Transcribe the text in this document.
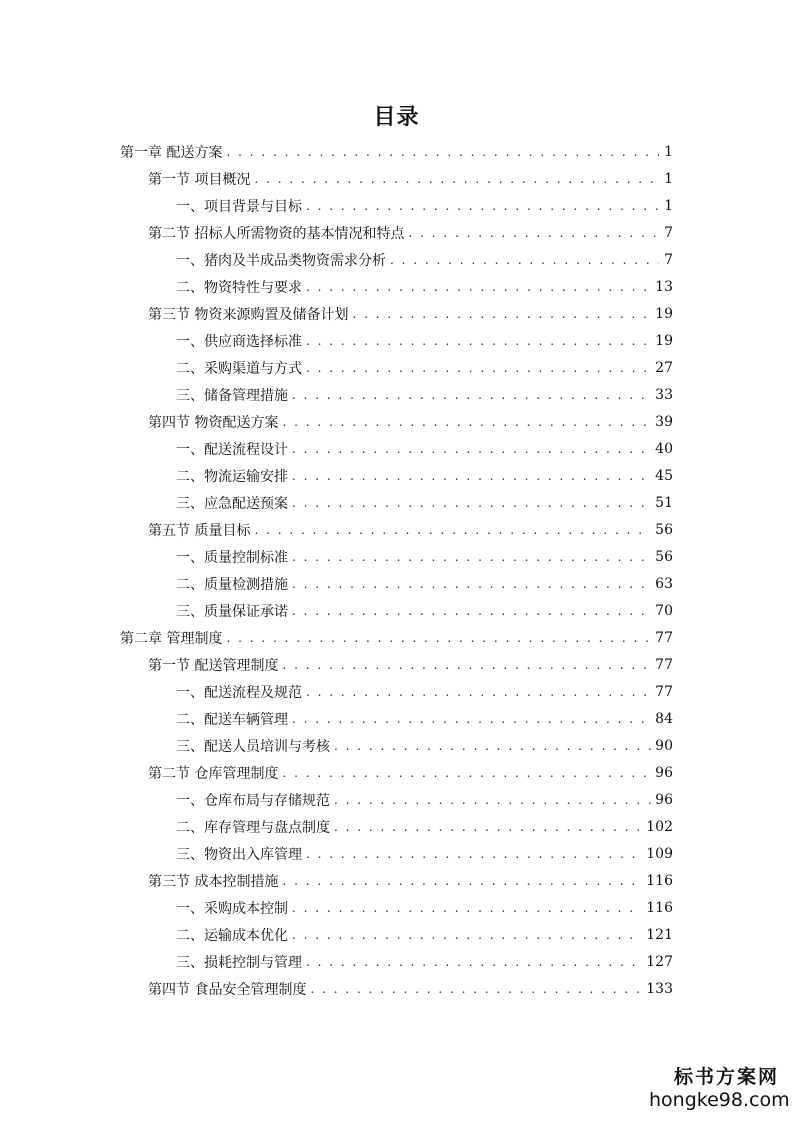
目录
第一章 配送方案 . . .	1
第一节 项目概况 . . .	1
一、项目背景与目标 . . .	1
第二节 招标人所需物资的基本情况和特点 . . .	7
一、猪肉及半成品类物资需求分析 . . .	7
二、物资特性与要求 . . .	13
第三节 物资来源购置及储备计划 . . .	19
一、供应商选择标准 . . .	19
二、采购渠道与方式 . . .	27
三、储备管理措施 . . .	33
第四节 物资配送方案 . . .	39
一、配送流程设计 . . .	40
二、物流运输安排 . . .	45
三、应急配送预案 . . .	51
第五节 质量目标 . . .	56
一、质量控制标准 . . .	56
二、质量检测措施 . . .	63
三、质量保证承诺 . . .	70
第二章 管理制度 . . .	77
第一节 配送管理制度 . . .	77
一、配送流程及规范 . . .	77
二、配送车辆管理 . . .	84
三、配送人员培训与考核 . . .	90
第二节 仓库管理制度 . . .	96
一、仓库布局与存储规范 . . .	96
二、库存管理与盘点制度 . . .	102
三、物资出入库管理 . . .	109
第三节 成本控制措施 . . .	116
一、采购成本控制 . . .	116
二、运输成本优化 . . .	121
三、损耗控制与管理 . . .	127
第四节 食品安全管理制度 . . .	133
标书方案网
hongke98.com
